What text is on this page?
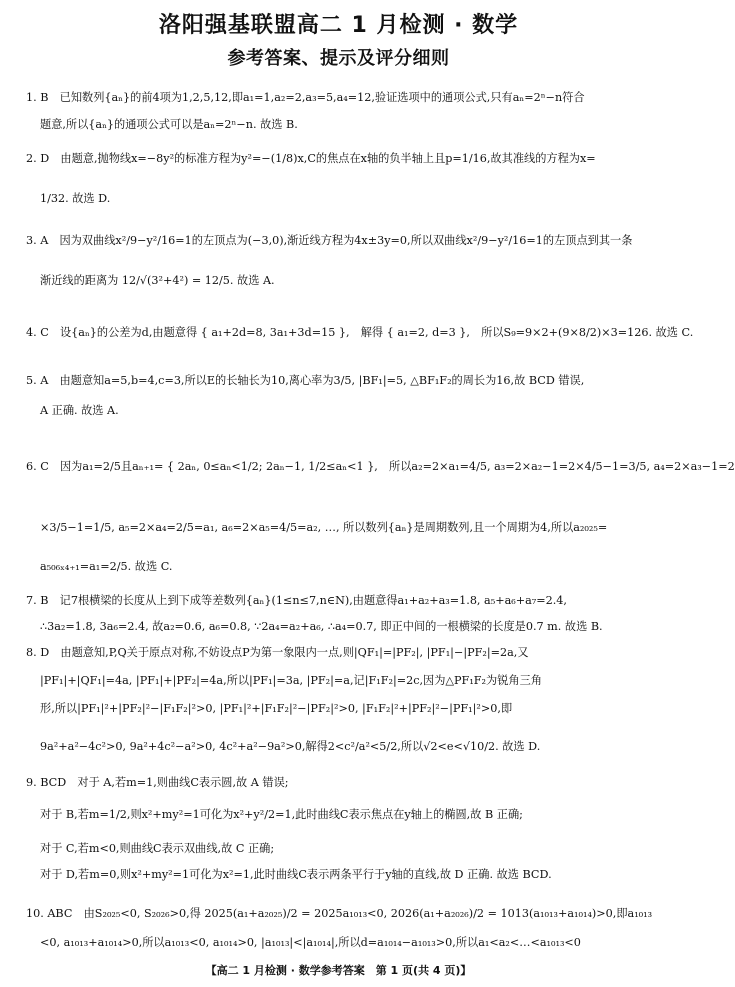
洛阳强基联盟高二 1 月检测 · 数学
参考答案、提示及评分细则
1. B　已知数列{aₙ}的前4项为1,2,5,12,即a₁=1,a₂=2,a₃=5,a₄=12,验证选项中的通项公式,只有aₙ=2ⁿ−n符合
题意,所以{aₙ}的通项公式可以是aₙ=2ⁿ−n. 故选 B.
2. D　由题意,抛物线x=−8y²的标准方程为y²=−(1/8)x,C的焦点在x轴的负半轴上且p=1/16,故其准线的方程为x=
1/32. 故选 D.
3. A　因为双曲线x²/9−y²/16=1的左顶点为(−3,0),渐近线方程为4x±3y=0,所以双曲线x²/9−y²/16=1的左顶点到其一条
渐近线的距离为 12/√(3²+4²) = 12/5. 故选 A.
4. C　设{aₙ}的公差为d,由题意得 { a₁+2d=8, 3a₁+3d=15 },　解得 { a₁=2, d=3 },　所以S₉=9×2+(9×8/2)×3=126. 故选 C.
5. A　由题意知a=5,b=4,c=3,所以E的长轴长为10,离心率为3/5, |BF₁|=5, △BF₁F₂的周长为16,故 BCD 错误,
A 正确. 故选 A.
6. C　因为a₁=2/5且aₙ₊₁= { 2aₙ, 0≤aₙ<1/2; 2aₙ−1, 1/2≤aₙ<1 },　所以a₂=2×a₁=4/5, a₃=2×a₂−1=2×4/5−1=3/5, a₄=2×a₃−1=2
×3/5−1=1/5, a₅=2×a₄=2/5=a₁, a₆=2×a₅=4/5=a₂, …, 所以数列{aₙ}是周期数列,且一个周期为4,所以a₂₀₂₅=
a₅₀₆ₓ₄₊₁=a₁=2/5. 故选 C.
7. B　记7根横梁的长度从上到下成等差数列{aₙ}(1≤n≤7,n∈N),由题意得a₁+a₂+a₃=1.8, a₅+a₆+a₇=2.4,
∴3a₂=1.8, 3a₆=2.4, 故a₂=0.6, a₆=0.8, ∵2a₄=a₂+a₆, ∴a₄=0.7, 即正中间的一根横梁的长度是0.7 m. 故选 B.
8. D　由题意知,P,Q关于原点对称,不妨设点P为第一象限内一点,则|QF₁|=|PF₂|, |PF₁|−|PF₂|=2a,又
|PF₁|+|QF₁|=4a, |PF₁|+|PF₂|=4a,所以|PF₁|=3a, |PF₂|=a,记|F₁F₂|=2c,因为△PF₁F₂为锐角三角
形,所以|PF₁|²+|PF₂|²−|F₁F₂|²>0, |PF₁|²+|F₁F₂|²−|PF₂|²>0, |F₁F₂|²+|PF₂|²−|PF₁|²>0,即
9a²+a²−4c²>0, 9a²+4c²−a²>0, 4c²+a²−9a²>0,解得2<c²/a²<5/2,所以√2<e<√10/2. 故选 D.
9. BCD　对于 A,若m=1,则曲线C表示圆,故 A 错误;
对于 B,若m=1/2,则x²+my²=1可化为x²+y²/2=1,此时曲线C表示焦点在y轴上的椭圆,故 B 正确;
对于 C,若m<0,则曲线C表示双曲线,故 C 正确;
对于 D,若m=0,则x²+my²=1可化为x²=1,此时曲线C表示两条平行于y轴的直线,故 D 正确. 故选 BCD.
10. ABC　由S₂₀₂₅<0, S₂₀₂₆>0,得 2025(a₁+a₂₀₂₅)/2 = 2025a₁₀₁₃<0, 2026(a₁+a₂₀₂₆)/2 = 1013(a₁₀₁₃+a₁₀₁₄)>0,即a₁₀₁₃
<0, a₁₀₁₃+a₁₀₁₄>0,所以a₁₀₁₃<0, a₁₀₁₄>0, |a₁₀₁₃|<|a₁₀₁₄|,所以d=a₁₀₁₄−a₁₀₁₃>0,所以a₁<a₂<…<a₁₀₁₃<0
【高二 1 月检测 · 数学参考答案　第 1 页(共 4 页)】
